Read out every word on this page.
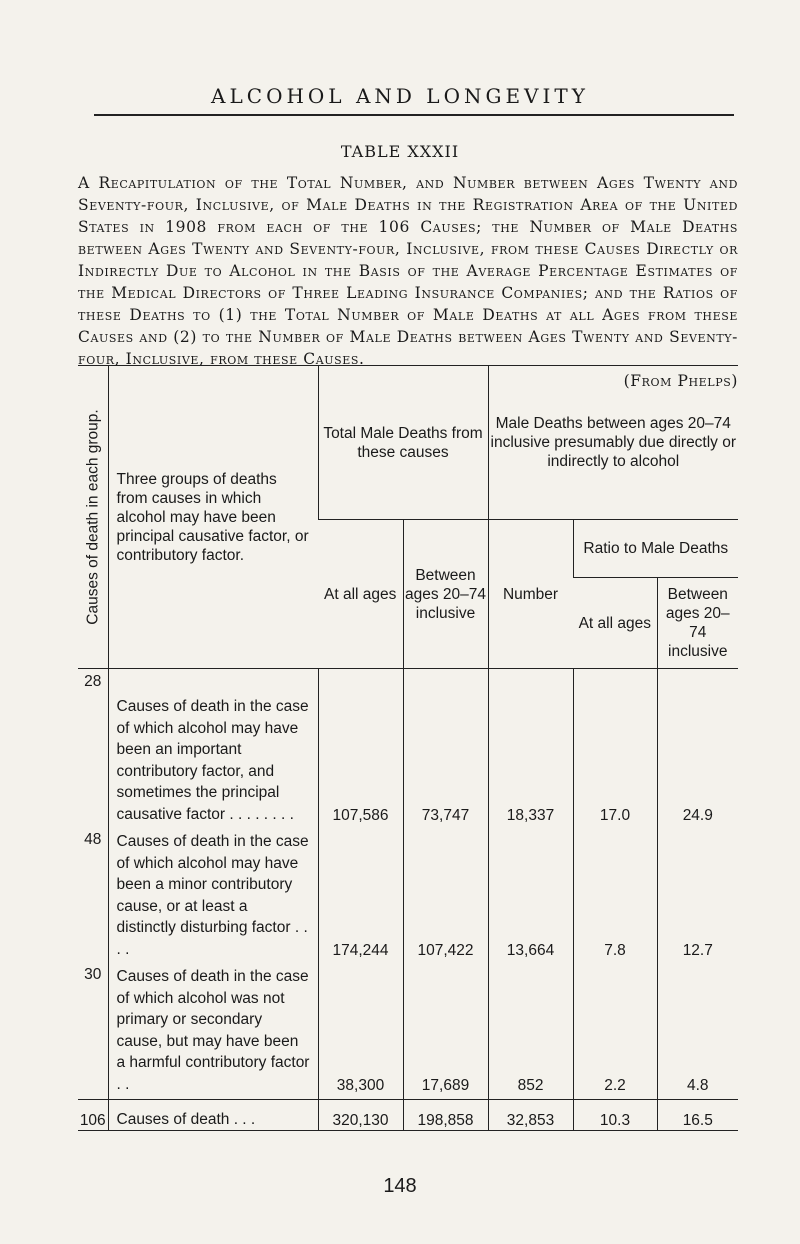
ALCOHOL AND LONGEVITY
TABLE XXXII
A Recapitulation of the Total Number, and Number between Ages Twenty and Seventy-four, Inclusive, of Male Deaths in the Registration Area of the United States in 1908 from each of the 106 Causes; the Number of Male Deaths between Ages Twenty and Seventy-four, Inclusive, from these Causes Directly or Indirectly Due to Alcohol in the Basis of the Average Percentage Estimates of the Medical Directors of Three Leading Insurance Companies; and the Ratios of these Deaths to (1) the Total Number of Male Deaths at all Ages from these Causes and (2) to the Number of Male Deaths between Ages Twenty and Seventy-four, Inclusive, from these Causes.
(From Phelps)
Causes of death in each group.	Three groups of deaths from causes in which alcohol may have been principal causative factor, or contributory factor.	Total Male Deaths from these causes		Male Deaths between ages 20–74 inclusive presumably due directly or indirectly to alcohol		
		At all ages	Between ages 20–74 inclusive	Number	Ratio to Male Deaths	
					At all ages	Between ages 20–74 inclusive
28	Causes of death in the case of which alcohol may have been an important contributory factor, and sometimes the principal causative factor . . . . . . . .	107,586	73,747	18,337	17.0	24.9
48	Causes of death in the case of which alcohol may have been a minor contributory cause, or at least a distinctly disturbing factor . . . .	174,244	107,422	13,664	7.8	12.7
30	Causes of death in the case of which alcohol was not primary or secondary cause, but may have been a harmful contributory factor . .	38,300	17,689	852	2.2	4.8
106	Causes of death . . .	320,130	198,858	32,853	10.3	16.5
148
